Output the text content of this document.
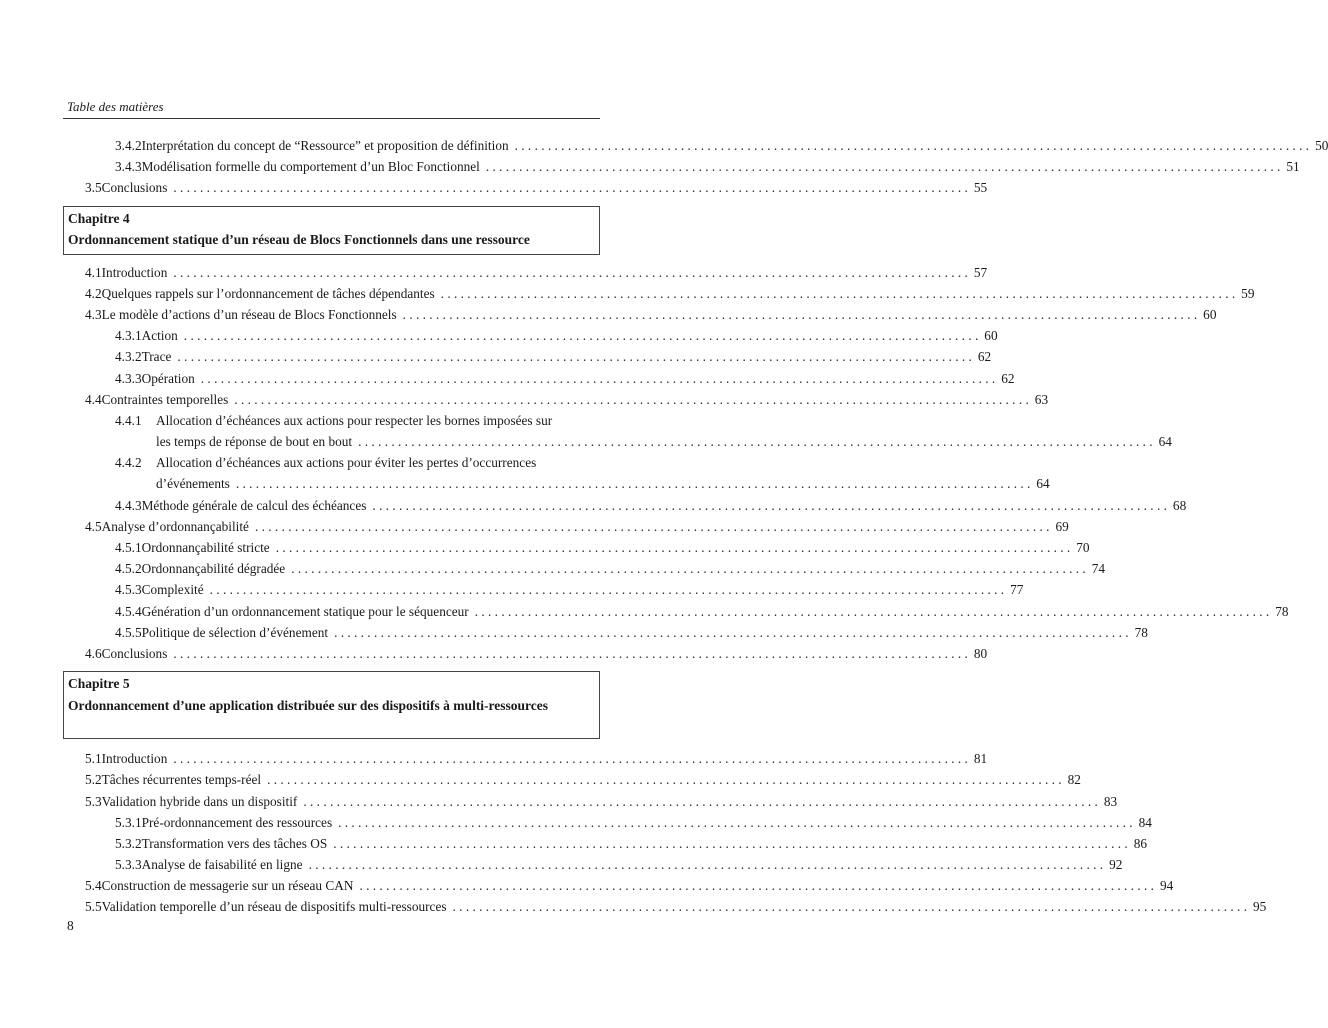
Table des matières
3.4.2 Interprétation du concept de “Ressource” et proposition de définition . . . . . . . . . . . . . . . . . . . . . . . . . . . . . . . . . . . . . . . . . . . . . . . . . . . . . . . . . . . . . . . . . . . . . . . . . . . . . . . . . . . . . . . . . . . . . . . . . . . . . . . . . . . . . . . . . . . . . . . . 50
3.4.3 Modélisation formelle du comportement d’un Bloc Fonctionnel . . . . . . . . . . . . . . . . . . . . . . . . . . . . . . . . . . . . . . . . . . . . . . . . . . . . . . . . . . . . . . . . . . . . . . . . . . . . . . . . . . . . . . . . . . . . . . . . . . . . . . . . . . . . . . . . . . . . . . . . 51
3.5 Conclusions . . . . . . . . . . . . . . . . . . . . . . . . . . . . . . . . . . . . . . . . . . . . . . . . . . . . . . . . . . . . . . . . . . . . . . . . . . . . . . . . . . . . . . . . . . . . . . . . . . . . . . . . . . . . . . . . . . . . . . . . 55
Chapitre 4
Ordonnancement statique d’un réseau de Blocs Fonctionnels dans une ressource
4.1 Introduction . . . . . . . . . . . . . . . . . . . . . . . . . . . . . . . . . . . . . . . . . . . . . . . . . . . . . . . . . . . . . . . . . . . . . . . . . . . . . . . . . . . . . . . . . . . . . . . . . . . . . . . . . . . . . . . . . . . . . . . . 57
4.2 Quelques rappels sur l’ordonnancement de tâches dépendantes . . . . . . . . . . . . . . . . . . . . . . . . . . . . . . . . . . . . . . . . . . . . . . . . . . . . . . . . . . . . . . . . . . . . . . . . . . . . . . . . . . . . . . . . . . . . . . . . . . . . . . . . . . . . . . . . . . . . . . . . 59
4.3 Le modèle d’actions d’un réseau de Blocs Fonctionnels . . . . . . . . . . . . . . . . . . . . . . . . . . . . . . . . . . . . . . . . . . . . . . . . . . . . . . . . . . . . . . . . . . . . . . . . . . . . . . . . . . . . . . . . . . . . . . . . . . . . . . . . . . . . . . . . . . . . . . . . 60
4.3.1 Action . . . . . . . . . . . . . . . . . . . . . . . . . . . . . . . . . . . . . . . . . . . . . . . . . . . . . . . . . . . . . . . . . . . . . . . . . . . . . . . . . . . . . . . . . . . . . . . . . . . . . . . . . . . . . . . . . . . . . . . . 60
4.3.2 Trace . . . . . . . . . . . . . . . . . . . . . . . . . . . . . . . . . . . . . . . . . . . . . . . . . . . . . . . . . . . . . . . . . . . . . . . . . . . . . . . . . . . . . . . . . . . . . . . . . . . . . . . . . . . . . . . . . . . . . . . . 62
4.3.3 Opération . . . . . . . . . . . . . . . . . . . . . . . . . . . . . . . . . . . . . . . . . . . . . . . . . . . . . . . . . . . . . . . . . . . . . . . . . . . . . . . . . . . . . . . . . . . . . . . . . . . . . . . . . . . . . . . . . . . . . . . . 62
4.4 Contraintes temporelles . . . . . . . . . . . . . . . . . . . . . . . . . . . . . . . . . . . . . . . . . . . . . . . . . . . . . . . . . . . . . . . . . . . . . . . . . . . . . . . . . . . . . . . . . . . . . . . . . . . . . . . . . . . . . . . . . . . . . . . . 63
4.4.1	Allocation d’échéances aux actions pour respecter les bornes imposées sur
les temps de réponse de bout en bout . . . . . . . . . . . . . . . . . . . . . . . . . . . . . . . . . . . . . . . . . . . . . . . . . . . . . . . . . . . . . . . . . . . . . . . . . . . . . . . . . . . . . . . . . . . . . . . . . . . . . . . . . . . . . . . . . . . . . . . . 64
4.4.2	Allocation d’échéances aux actions pour éviter les pertes d’occurrences
d’événements . . . . . . . . . . . . . . . . . . . . . . . . . . . . . . . . . . . . . . . . . . . . . . . . . . . . . . . . . . . . . . . . . . . . . . . . . . . . . . . . . . . . . . . . . . . . . . . . . . . . . . . . . . . . . . . . . . . . . . . . 64
4.4.3 Méthode générale de calcul des échéances . . . . . . . . . . . . . . . . . . . . . . . . . . . . . . . . . . . . . . . . . . . . . . . . . . . . . . . . . . . . . . . . . . . . . . . . . . . . . . . . . . . . . . . . . . . . . . . . . . . . . . . . . . . . . . . . . . . . . . . . 68
4.5 Analyse d’ordonnançabilité . . . . . . . . . . . . . . . . . . . . . . . . . . . . . . . . . . . . . . . . . . . . . . . . . . . . . . . . . . . . . . . . . . . . . . . . . . . . . . . . . . . . . . . . . . . . . . . . . . . . . . . . . . . . . . . . . . . . . . . . 69
4.5.1 Ordonnançabilité stricte . . . . . . . . . . . . . . . . . . . . . . . . . . . . . . . . . . . . . . . . . . . . . . . . . . . . . . . . . . . . . . . . . . . . . . . . . . . . . . . . . . . . . . . . . . . . . . . . . . . . . . . . . . . . . . . . . . . . . . . . 70
4.5.2 Ordonnançabilité dégradée . . . . . . . . . . . . . . . . . . . . . . . . . . . . . . . . . . . . . . . . . . . . . . . . . . . . . . . . . . . . . . . . . . . . . . . . . . . . . . . . . . . . . . . . . . . . . . . . . . . . . . . . . . . . . . . . . . . . . . . . 74
4.5.3 Complexité . . . . . . . . . . . . . . . . . . . . . . . . . . . . . . . . . . . . . . . . . . . . . . . . . . . . . . . . . . . . . . . . . . . . . . . . . . . . . . . . . . . . . . . . . . . . . . . . . . . . . . . . . . . . . . . . . . . . . . . . 77
4.5.4 Génération d’un ordonnancement statique pour le séquenceur . . . . . . . . . . . . . . . . . . . . . . . . . . . . . . . . . . . . . . . . . . . . . . . . . . . . . . . . . . . . . . . . . . . . . . . . . . . . . . . . . . . . . . . . . . . . . . . . . . . . . . . . . . . . . . . . . . . . . . . . 78
4.5.5 Politique de sélection d’événement . . . . . . . . . . . . . . . . . . . . . . . . . . . . . . . . . . . . . . . . . . . . . . . . . . . . . . . . . . . . . . . . . . . . . . . . . . . . . . . . . . . . . . . . . . . . . . . . . . . . . . . . . . . . . . . . . . . . . . . . 78
4.6 Conclusions . . . . . . . . . . . . . . . . . . . . . . . . . . . . . . . . . . . . . . . . . . . . . . . . . . . . . . . . . . . . . . . . . . . . . . . . . . . . . . . . . . . . . . . . . . . . . . . . . . . . . . . . . . . . . . . . . . . . . . . . 80
Chapitre 5
Ordonnancement d’une application distribuée sur des dispositifs à multi-ressources
5.1 Introduction . . . . . . . . . . . . . . . . . . . . . . . . . . . . . . . . . . . . . . . . . . . . . . . . . . . . . . . . . . . . . . . . . . . . . . . . . . . . . . . . . . . . . . . . . . . . . . . . . . . . . . . . . . . . . . . . . . . . . . . . 81
5.2 Tâches récurrentes temps-réel . . . . . . . . . . . . . . . . . . . . . . . . . . . . . . . . . . . . . . . . . . . . . . . . . . . . . . . . . . . . . . . . . . . . . . . . . . . . . . . . . . . . . . . . . . . . . . . . . . . . . . . . . . . . . . . . . . . . . . . . 82
5.3 Validation hybride dans un dispositif . . . . . . . . . . . . . . . . . . . . . . . . . . . . . . . . . . . . . . . . . . . . . . . . . . . . . . . . . . . . . . . . . . . . . . . . . . . . . . . . . . . . . . . . . . . . . . . . . . . . . . . . . . . . . . . . . . . . . . . . 83
5.3.1 Pré-ordonnancement des ressources . . . . . . . . . . . . . . . . . . . . . . . . . . . . . . . . . . . . . . . . . . . . . . . . . . . . . . . . . . . . . . . . . . . . . . . . . . . . . . . . . . . . . . . . . . . . . . . . . . . . . . . . . . . . . . . . . . . . . . . . 84
5.3.2 Transformation vers des tâches OS . . . . . . . . . . . . . . . . . . . . . . . . . . . . . . . . . . . . . . . . . . . . . . . . . . . . . . . . . . . . . . . . . . . . . . . . . . . . . . . . . . . . . . . . . . . . . . . . . . . . . . . . . . . . . . . . . . . . . . . . 86
5.3.3 Analyse de faisabilité en ligne . . . . . . . . . . . . . . . . . . . . . . . . . . . . . . . . . . . . . . . . . . . . . . . . . . . . . . . . . . . . . . . . . . . . . . . . . . . . . . . . . . . . . . . . . . . . . . . . . . . . . . . . . . . . . . . . . . . . . . . . 92
5.4 Construction de messagerie sur un réseau CAN . . . . . . . . . . . . . . . . . . . . . . . . . . . . . . . . . . . . . . . . . . . . . . . . . . . . . . . . . . . . . . . . . . . . . . . . . . . . . . . . . . . . . . . . . . . . . . . . . . . . . . . . . . . . . . . . . . . . . . . . 94
5.5 Validation temporelle d’un réseau de dispositifs multi-ressources . . . . . . . . . . . . . . . . . . . . . . . . . . . . . . . . . . . . . . . . . . . . . . . . . . . . . . . . . . . . . . . . . . . . . . . . . . . . . . . . . . . . . . . . . . . . . . . . . . . . . . . . . . . . . . . . . . . . . . . . 95
8
